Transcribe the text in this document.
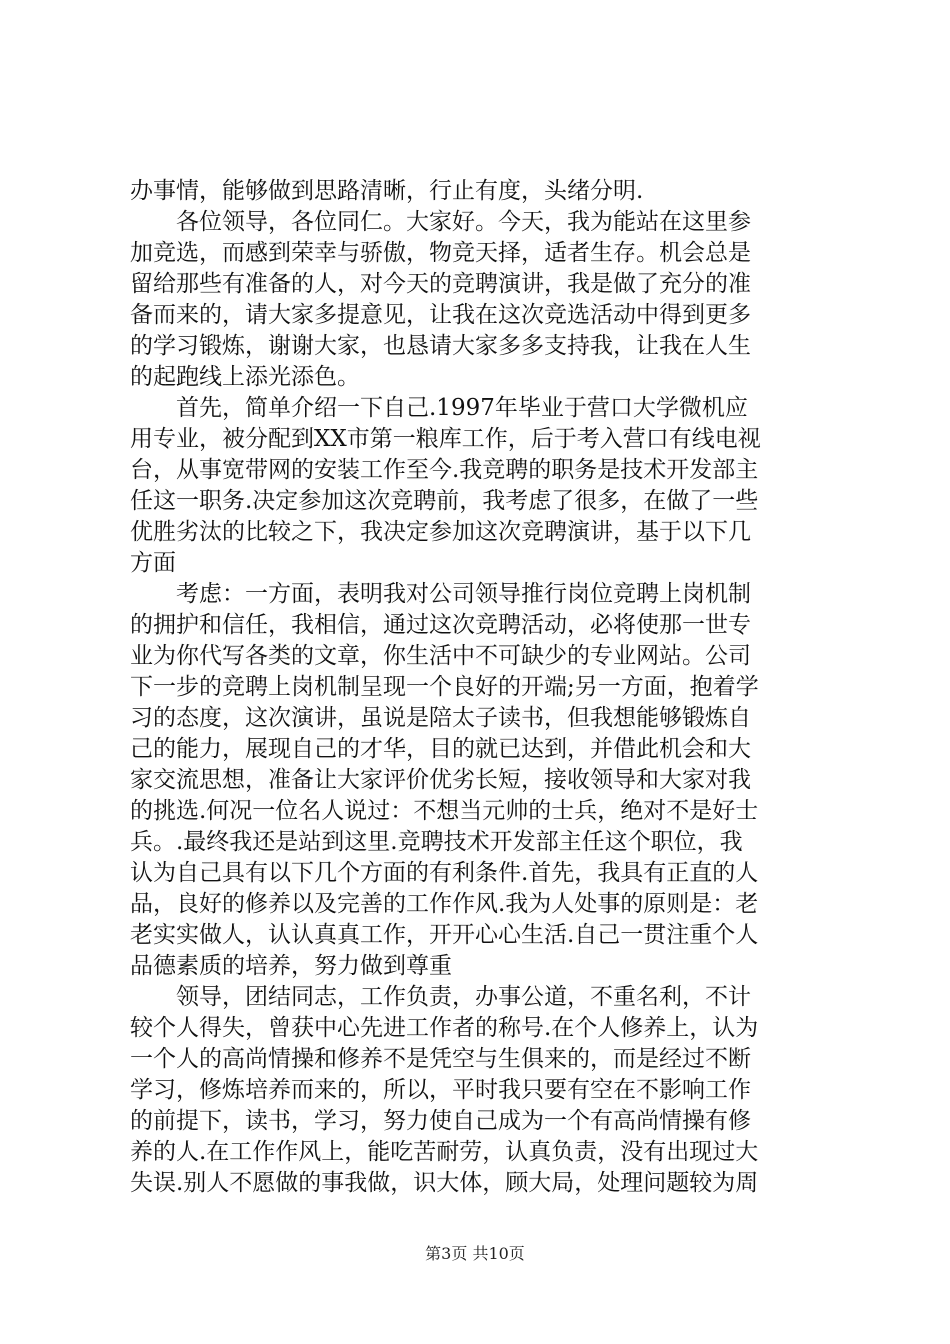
办事情，能够做到思路清晰，行止有度，头绪分明.
各位领导，各位同仁。大家好。今天，我为能站在这里参
加竞选，而感到荣幸与骄傲，物竞天择，适者生存。机会总是
留给那些有准备的人，对今天的竞聘演讲，我是做了充分的准
备而来的，请大家多提意见，让我在这次竞选活动中得到更多
的学习锻炼，谢谢大家，也恳请大家多多支持我，让我在人生
的起跑线上添光添色。
首先，简单介绍一下自己.1997年毕业于营口大学微机应
用专业，被分配到XX市第一粮库工作，后于考入营口有线电视
台，从事宽带网的安装工作至今.我竞聘的职务是技术开发部主
任这一职务.决定参加这次竞聘前，我考虑了很多，在做了一些
优胜劣汰的比较之下，我决定参加这次竞聘演讲，基于以下几
方面
考虑：一方面，表明我对公司领导推行岗位竞聘上岗机制
的拥护和信任，我相信，通过这次竞聘活动，必将使那一世专
业为你代写各类的文章，你生活中不可缺少的专业网站。公司
下一步的竞聘上岗机制呈现一个良好的开端;另一方面，抱着学
习的态度，这次演讲，虽说是陪太子读书，但我想能够锻炼自
己的能力，展现自己的才华，目的就已达到，并借此机会和大
家交流思想，准备让大家评价优劣长短，接收领导和大家对我
的挑选.何况一位名人说过：不想当元帅的士兵，绝对不是好士
兵。.最终我还是站到这里.竞聘技术开发部主任这个职位，我
认为自己具有以下几个方面的有利条件.首先，我具有正直的人
品，良好的修养以及完善的工作作风.我为人处事的原则是：老
老实实做人，认认真真工作，开开心心生活.自己一贯注重个人
品德素质的培养，努力做到尊重
领导，团结同志，工作负责，办事公道，不重名利，不计
较个人得失，曾获中心先进工作者的称号.在个人修养上，认为
一个人的高尚情操和修养不是凭空与生俱来的，而是经过不断
学习，修炼培养而来的，所以，平时我只要有空在不影响工作
的前提下，读书，学习，努力使自己成为一个有高尚情操有修
养的人.在工作作风上，能吃苦耐劳，认真负责，没有出现过大
失误.别人不愿做的事我做，识大体，顾大局，处理问题较为周
第3页 共10页
